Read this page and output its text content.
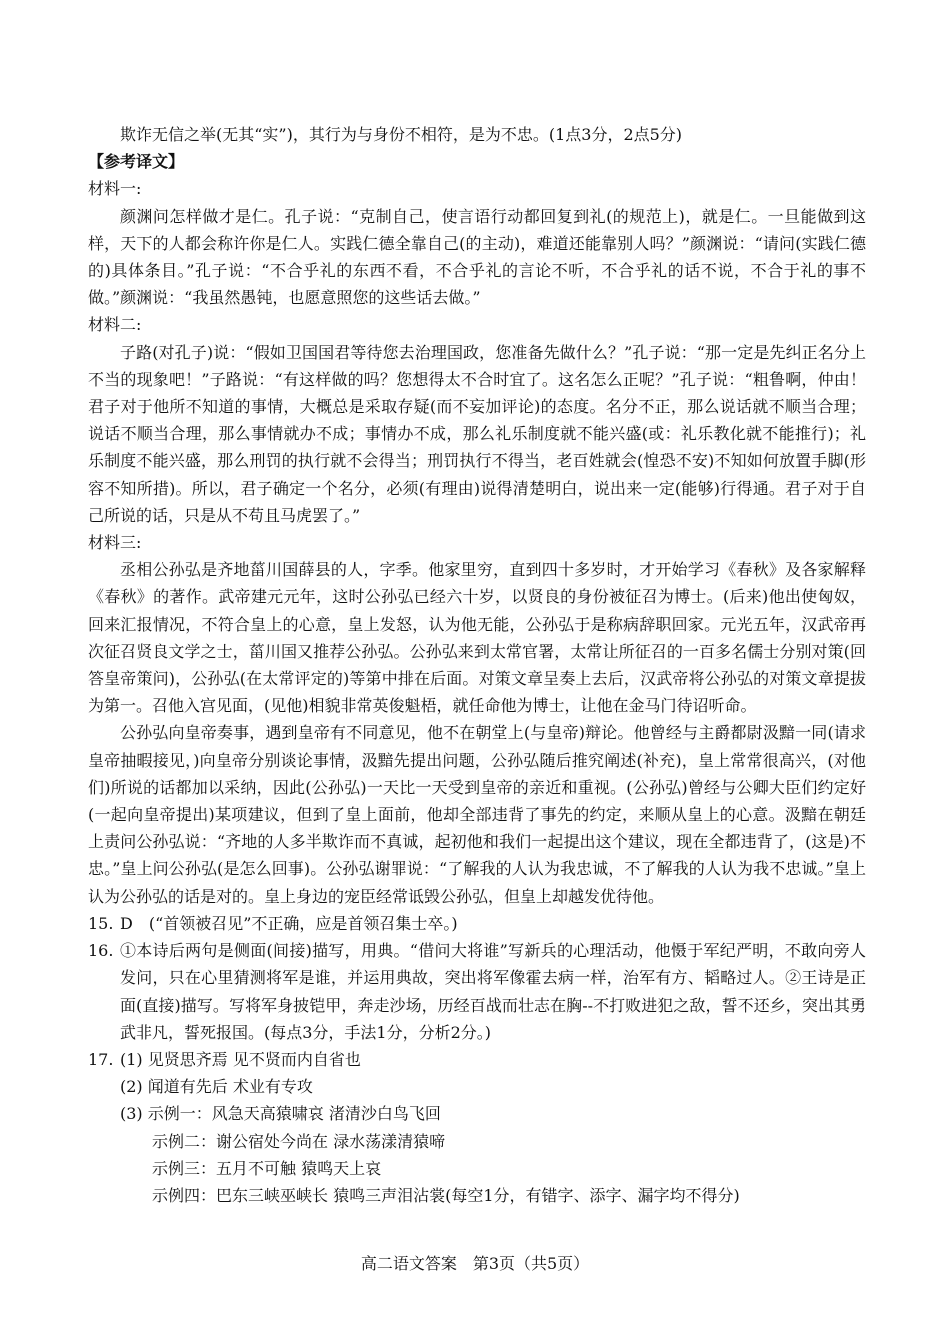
欺诈无信之举(无其“实”)，其行为与身份不相符，是为不忠。(1点3分，2点5分)

【参考译文】

材料一:

颜渊问怎样做才是仁。孔子说：“克制自己，使言语行动都回复到礼(的规范上)，就是仁。一旦能做到这样，天下的人都会称许你是仁人。实践仁德全靠自己(的主动)，难道还能靠别人吗？”颜渊说：“请问(实践仁德的)具体条目。”孔子说：“不合乎礼的东西不看，不合乎礼的言论不听，不合乎礼的话不说，不合于礼的事不做。”颜渊说：“我虽然愚钝，也愿意照您的这些话去做。”

材料二:

子路(对孔子)说：“假如卫国国君等待您去治理国政，您准备先做什么？”孔子说：“那一定是先纠正名分上不当的现象吧！”子路说：“有这样做的吗？您想得太不合时宜了。这名怎么正呢？”孔子说：“粗鲁啊，仲由！君子对于他所不知道的事情，大概总是采取存疑(而不妄加评论)的态度。名分不正，那么说话就不顺当合理；说话不顺当合理，那么事情就办不成；事情办不成，那么礼乐制度就不能兴盛(或：礼乐教化就不能推行)；礼乐制度不能兴盛，那么刑罚的执行就不会得当；刑罚执行不得当，老百姓就会(惶恐不安)不知如何放置手脚(形容不知所措)。所以，君子确定一个名分，必须(有理由)说得清楚明白，说出来一定(能够)行得通。君子对于自己所说的话，只是从不苟且马虎罢了。”

材料三:

丞相公孙弘是齐地菑川国薛县的人，字季。他家里穷，直到四十多岁时，才开始学习《春秋》及各家解释《春秋》的著作。武帝建元元年，这时公孙弘已经六十岁，以贤良的身份被征召为博士。(后来)他出使匈奴，回来汇报情况，不符合皇上的心意，皇上发怒，认为他无能，公孙弘于是称病辞职回家。元光五年，汉武帝再次征召贤良文学之士，菑川国又推荐公孙弘。公孙弘来到太常官署，太常让所征召的一百多名儒士分别对策(回答皇帝策问)，公孙弘(在太常评定的)等第中排在后面。对策文章呈奏上去后，汉武帝将公孙弘的对策文章提拔为第一。召他入宫见面，(见他)相貌非常英俊魁梧，就任命他为博士，让他在金马门待诏听命。

公孙弘向皇帝奏事，遇到皇帝有不同意见，他不在朝堂上(与皇帝)辩论。他曾经与主爵都尉汲黯一同(请求皇帝抽暇接见，)向皇帝分别谈论事情，汲黯先提出问题，公孙弘随后推究阐述(补充)，皇上常常很高兴，(对他们)所说的话都加以采纳，因此(公孙弘)一天比一天受到皇帝的亲近和重视。(公孙弘)曾经与公卿大臣们约定好(一起向皇帝提出)某项建议，但到了皇上面前，他却全部违背了事先的约定，来顺从皇上的心意。汲黯在朝廷上责问公孙弘说：“齐地的人多半欺诈而不真诚，起初他和我们一起提出这个建议，现在全都违背了，(这是)不忠。”皇上问公孙弘(是怎么回事)。公孙弘谢罪说：“了解我的人认为我忠诚，不了解我的人认为我不忠诚。”皇上认为公孙弘的话是对的。皇上身边的宠臣经常诋毁公孙弘，但皇上却越发优待他。

15. D　(“首领被召见”不正确，应是首领召集士卒。)

16. ①本诗后两句是侧面(间接)描写，用典。“借问大将谁”写新兵的心理活动，他慑于军纪严明，不敢向旁人发问，只在心里猜测将军是谁，并运用典故，突出将军像霍去病一样，治军有方、韬略过人。②王诗是正面(直接)描写。写将军身披铠甲，奔走沙场，历经百战而壮志在胸--不打败进犯之敌，誓不还乡，突出其勇武非凡，誓死报国。(每点3分，手法1分，分析2分。)

17. (1) 见贤思齐焉 见不贤而内自省也

(2) 闻道有先后 术业有专攻

(3) 示例一：风急天高猿啸哀 渚清沙白鸟飞回

示例二：谢公宿处今尚在 渌水荡漾清猿啼

示例三：五月不可触 猿鸣天上哀

示例四：巴东三峡巫峡长 猿鸣三声泪沾裳(每空1分，有错字、添字、漏字均不得分)

高二语文答案　第3页（共5页）
